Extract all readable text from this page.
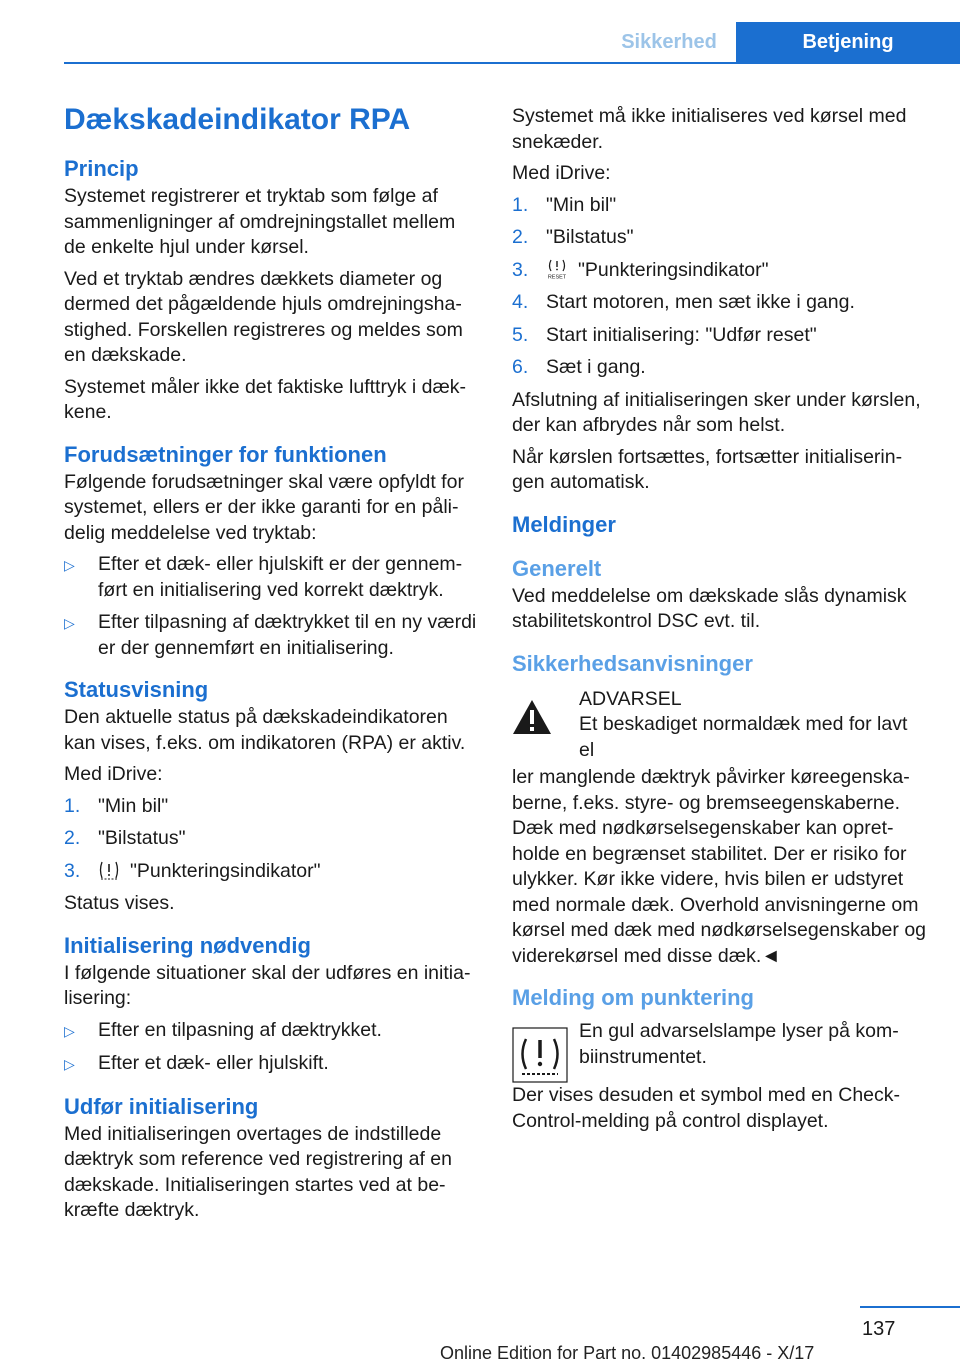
Sikkerhed	Betjening
Dækskadeindikator RPA
Princip
Systemet registrerer et tryktab som følge af sammenligninger af omdrejningstallet mellem de enkelte hjul under kørsel.
Ved et tryktab ændres dækkets diameter og dermed det pågældende hjuls omdrejningshastighed. Forskellen registreres og meldes som en dækskade.
Systemet måler ikke det faktiske lufttryk i dækkene.
Forudsætninger for funktionen
Følgende forudsætninger skal være opfyldt for systemet, ellers er der ikke garanti for en pålidelig meddelelse ved tryktab:
▷	Efter et dæk- eller hjulskift er der gennemført en initialisering ved korrekt dæktryk.
▷	Efter tilpasning af dæktrykket til en ny værdi er der gennemført en initialisering.
Statusvisning
Den aktuelle status på dækskadeindikatoren kan vises, f.eks. om indikatoren (RPA) er aktiv.
Med iDrive:
1. "Min bil"
2. "Bilstatus"
3.	"Punkteringsindikator"
Status vises.
Initialisering nødvendig
I følgende situationer skal der udføres en initialisering:
▷	Efter en tilpasning af dæktrykket.
▷	Efter et dæk- eller hjulskift.
Udfør initialisering
Med initialiseringen overtages de indstillede dæktryk som reference ved registrering af en dækskade. Initialiseringen startes ved at bekræfte dæktryk.
Systemet må ikke initialiseres ved kørsel med snekæder.
Med iDrive:
1. "Min bil"
2. "Bilstatus"
3.	RESET "Punkteringsindikator"
4. Start motoren, men sæt ikke i gang.
5. Start initialisering: "Udfør reset"
6. Sæt i gang.
Afslutning af initialiseringen sker under kørslen, der kan afbrydes når som helst.
Når kørslen fortsættes, fortsætter initialiseringen automatisk.
Meldinger
Generelt
Ved meddelelse om dækskade slås dynamisk stabilitetskontrol DSC evt. til.
Sikkerhedsanvisninger
ADVARSEL
Et beskadiget normaldæk med for lavt el
ler manglende dæktryk påvirker køreegenskaberne, f.eks. styre- og bremseegenskaberne. Dæk med nødkørselsegenskaber kan opretholde en begrænset stabilitet. Der er risiko for ulykker. Kør ikke videre, hvis bilen er udstyret med normale dæk. Overhold anvisningerne om kørsel med dæk med nødkørselsegenskaber og viderekørsel med disse dæk.◄
Melding om punktering
En gul advarselslampe lyser på kombiinstrumentet.
Der vises desuden et symbol med en Check-Control-melding på control displayet.
137
Online Edition for Part no. 01402985446 - X/17
